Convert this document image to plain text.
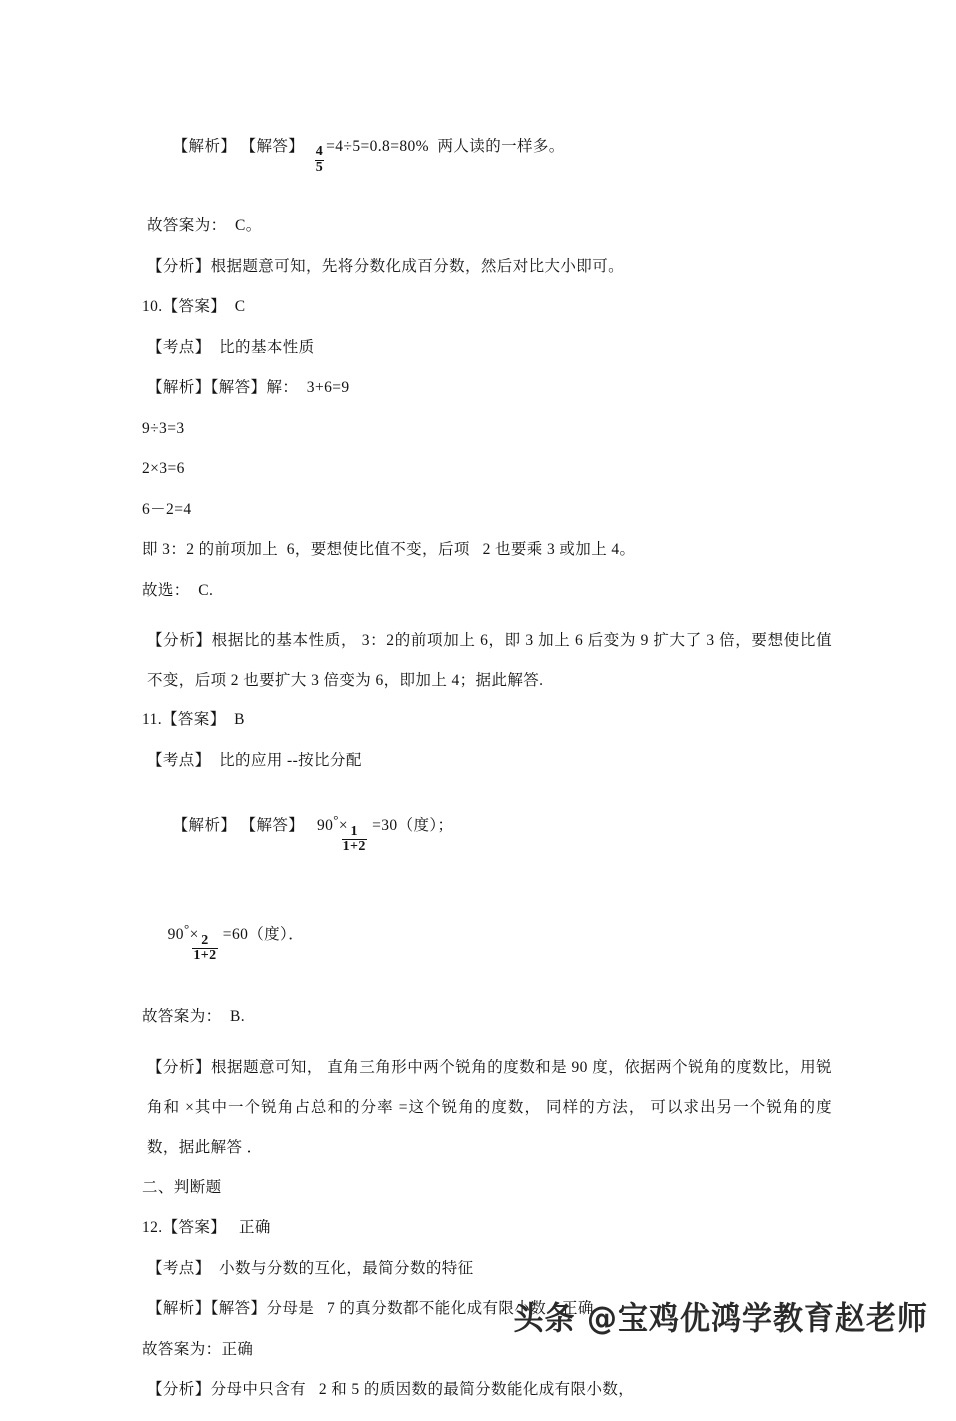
【解析】 【解答】 $\frac{4}{5} =4\div 5=0.8=80\%$  两人读的一样多。

故答案为：  C。

【分析】根据题意可知，先将分数化成百分数，然后对比大小即可。

10.【答案】 C

【考点】  比的基本性质

【解析】【解答】解：  3+6=9

9÷3=3

2×3=6

6－2=4

即 3：2 的前项加上  6，要想使比值不变，后项   2 也要乘 3 或加上 4。

故选：  C.

【分析】根据比的基本性质， 3：2的前项加上 6，即 3 加上 6 后变为 9 扩大了 3 倍，要想使比值不变，后项 2 也要扩大 3 倍变为 6，即加上 4；据此解答.

11.【答案】 B

【考点】  比的应用 --按比分配

【解析】 【解答】 90°×
$\frac{1}{1+2} =30$（度）；

90°×
$\frac{2}{1+2} =60$（度）．

故答案为：  B.

【分析】根据题意可知， 直角三角形中两个锐角的度数和是 90 度，依据两个锐角的度数比，用锐角和 ×其中一个锐角占总和的分率 =这个锐角的度数， 同样的方法， 可以求出另一个锐角的度数，据此解答 ．

二、判断题

12.【答案】 正确

【考点】  小数与分数的互化，最简分数的特征

【解析】【解答】分母是   7 的真分数都不能化成有限小数．正确

故答案为：正确

【分析】分母中只含有   2 和 5 的质因数的最简分数能化成有限小数，

头条 @宝鸡优鸿学教育赵老师
